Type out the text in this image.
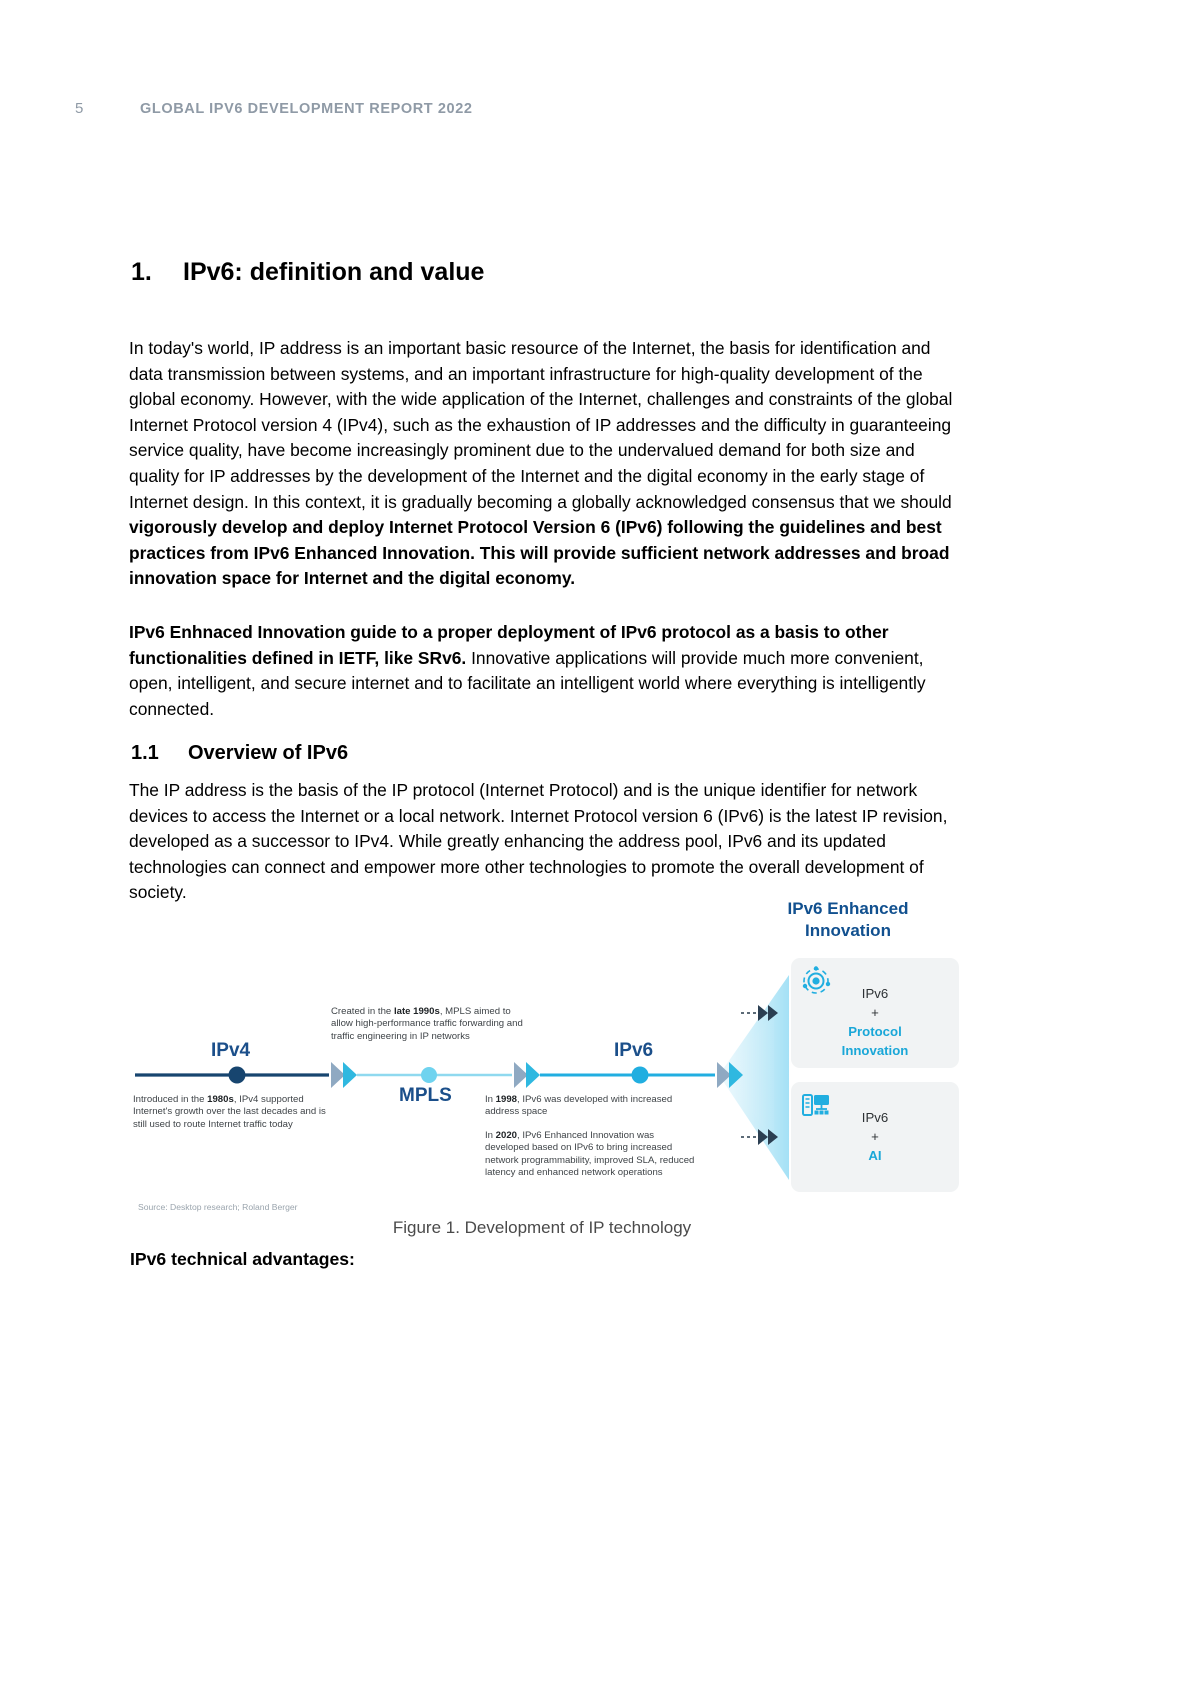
5	GLOBAL IPV6 DEVELOPMENT REPORT 2022
1.	IPv6: definition and value

In today's world, IP address is an important basic resource of the Internet, the basis for identification and data transmission between systems, and an important infrastructure for high-quality development of the global economy. However, with the wide application of the Internet, challenges and constraints of the global Internet Protocol version 4 (IPv4), such as the exhaustion of IP addresses and the difficulty in guaranteeing service quality, have become increasingly prominent due to the undervalued demand for both size and quality for IP addresses by the development of the Internet and the digital economy in the early stage of Internet design. In this context, it is gradually becoming a globally acknowledged consensus that we should vigorously develop and deploy Internet Protocol Version 6 (IPv6) following the guidelines and best practices from IPv6 Enhanced Innovation. This will provide sufficient network addresses and broad innovation space for Internet and the digital economy.

IPv6 Enhnaced Innovation guide to a proper deployment of IPv6 protocol as a basis to other functionalities defined in IETF, like SRv6. Innovative applications will provide much more convenient, open, intelligent, and secure internet and to facilitate an intelligent world where everything is intelligently connected.

1.1	Overview of IPv6

The IP address is the basis of the IP protocol (Internet Protocol) and is the unique identifier for network devices to access the Internet or a local network. Internet Protocol version 6 (IPv6) is the latest IP revision, developed as a successor to IPv4. While greatly enhancing the address pool, IPv6 and its updated technologies can connect and empower more other technologies to promote the overall development of society.

IPv4
MPLS
IPv6
Introduced in the 1980s, IPv4 supported Internet's growth over the last decades and is still used to route Internet traffic today
Created in the late 1990s, MPLS aimed to allow high-performance traffic forwarding and traffic engineering in IP networks
In 1998, IPv6 was developed with increased address space
In 2020, IPv6 Enhanced Innovation was developed based on IPv6 to bring increased network programmability, improved SLA, reduced latency and enhanced network operations
IPv6 Enhanced
Innovation
IPv6
+
Protocol
Innovation
IPv6
+
AI
Source: Desktop research; Roland Berger
Figure 1. Development of IP technology
IPv6 technical advantages:
